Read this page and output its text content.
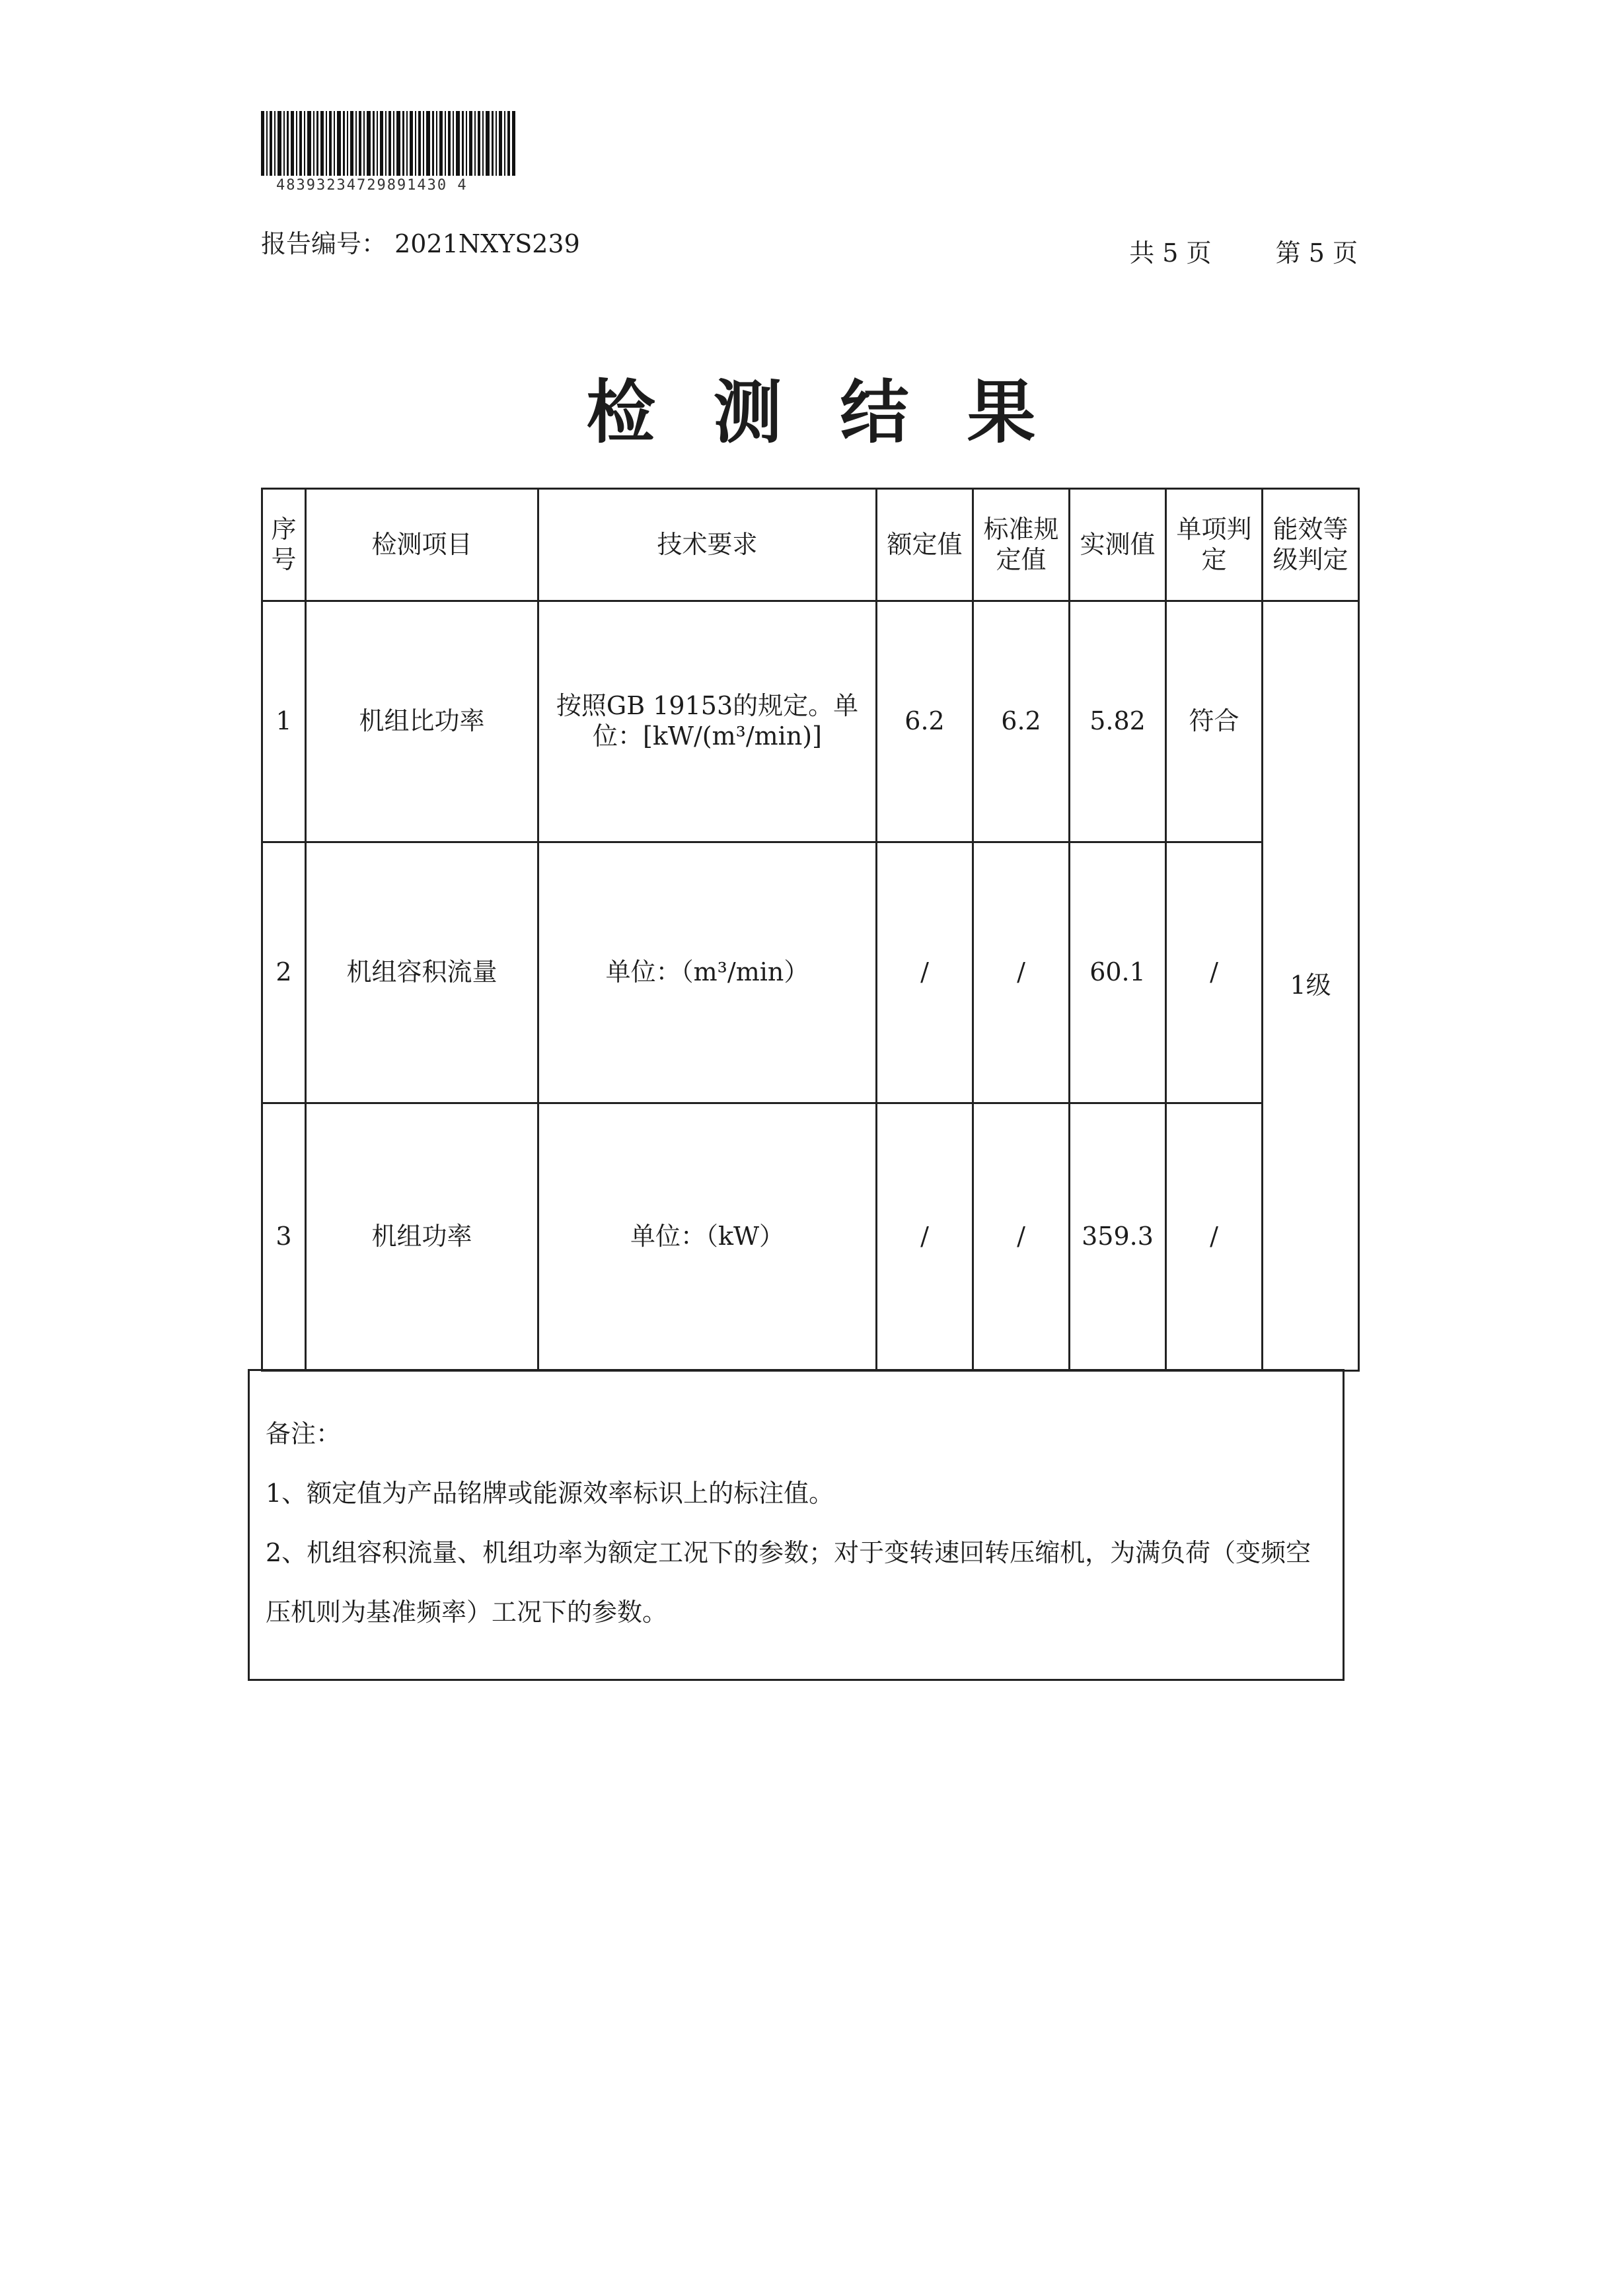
48393234729891430 4
报告编号： 2021NXYS239	共 5 页	第 5 页
检测结果
序号	检测项目	技术要求	额定值	标准规定值	实测值	单项判定	能效等级判定
1	机组比功率	按照GB 19153的规定。单位：[kW/(m³/min)]	6.2	6.2	5.82	符合	1级
2	机组容积流量	单位：（m³/min）	/	/	60.1	/	
3	机组功率	单位：（kW）	/	/	359.3	/	

备注：

1、额定值为产品铭牌或能源效率标识上的标注值。

2、机组容积流量、机组功率为额定工况下的参数；对于变转速回转压缩机，为满负荷（变频空压机则为基准频率）工况下的参数。
